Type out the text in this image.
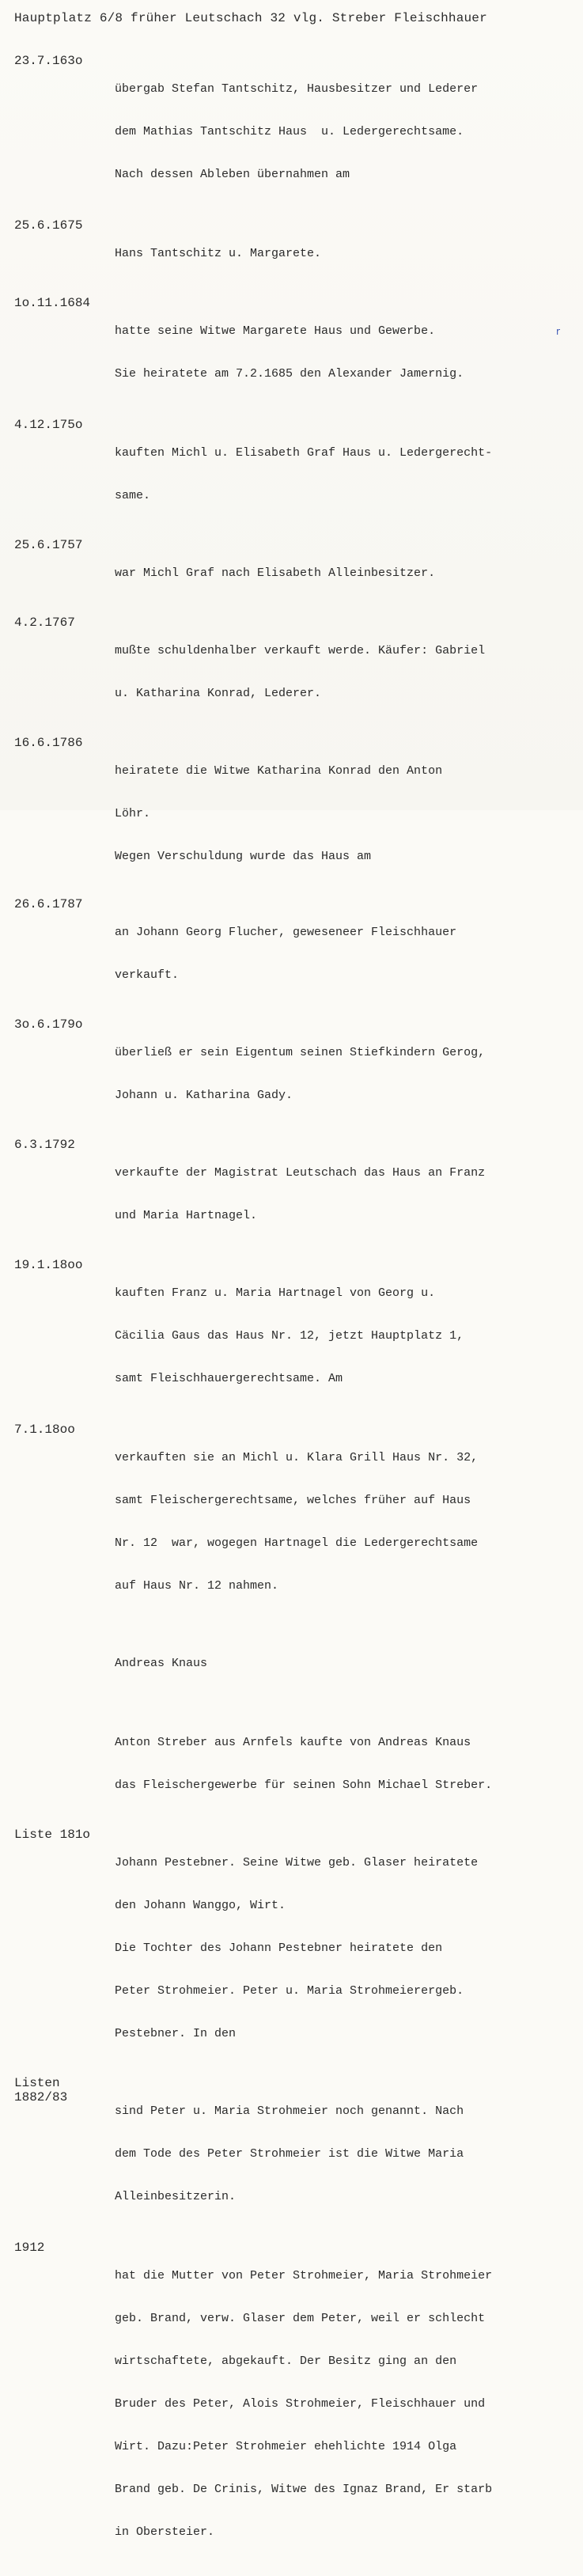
Hauptplatz 6/8 früher Leutschach 32 vlg. Streber Fleischhauer
23.7.163o

übergab Stefan Tantschitz, Hausbesitzer und Lederer

dem Mathias Tantschitz Haus  u. Ledergerechtsame.

Nach dessen Ableben übernahmen am

25.6.1675

Hans Tantschitz u. Margarete.

1o.11.1684

hatte seine Witwe Margarete Haus und Gewerbe.

Sie heiratete am 7.2.1685 den Alexander Jamernig.

4.12.175o

kauften Michl u. Elisabeth Graf Haus u. Ledergerecht-

same.

25.6.1757

war Michl Graf nach Elisabeth Alleinbesitzer.

4.2.1767

mußte schuldenhalber verkauft werde. Käufer: Gabriel

u. Katharina Konrad, Lederer.

16.6.1786

heiratete die Witwe Katharina Konrad den Anton

Löhr.

Wegen Verschuldung wurde das Haus am

26.6.1787

an Johann Georg Flucher, geweseneer Fleischhauer

verkauft.

3o.6.179o

überließ er sein Eigentum seinen Stiefkindern Gerog,

Johann u. Katharina Gady.

6.3.1792

verkaufte der Magistrat Leutschach das Haus an Franz

und Maria Hartnagel.

19.1.18oo

kauften Franz u. Maria Hartnagel von Georg u.

Cäcilia Gaus das Haus Nr. 12, jetzt Hauptplatz 1,

samt Fleischhauergerechtsame. Am

7.1.18oo

verkauften sie an Michl u. Klara Grill Haus Nr. 32,

samt Fleischergerechtsame, welches früher auf Haus

Nr. 12  war, wogegen Hartnagel die Ledergerechtsame

auf Haus Nr. 12 nahmen.

Andreas Knaus

Anton Streber aus Arnfels kaufte von Andreas Knaus

das Fleischergewerbe für seinen Sohn Michael Streber.

Liste 181o

Johann Pestebner. Seine Witwe geb. Glaser heiratete

den Johann Wanggo, Wirt.

Die Tochter des Johann Pestebner heiratete den

Peter Strohmeier. Peter u. Maria Strohmeierergeb.

Pestebner. In den

Listen
1882/83

sind Peter u. Maria Strohmeier noch genannt. Nach

dem Tode des Peter Strohmeier ist die Witwe Maria

Alleinbesitzerin.

1912

hat die Mutter von Peter Strohmeier, Maria Strohmeier

geb. Brand, verw. Glaser dem Peter, weil er schlecht

wirtschaftete, abgekauft. Der Besitz ging an den

Bruder des Peter, Alois Strohmeier, Fleischhauer und

Wirt. Dazu:Peter Strohmeier ehehlichte 1914 Olga

Brand geb. De Crinis, Witwe des Ignaz Brand, Er starb

in Obersteier.

r
